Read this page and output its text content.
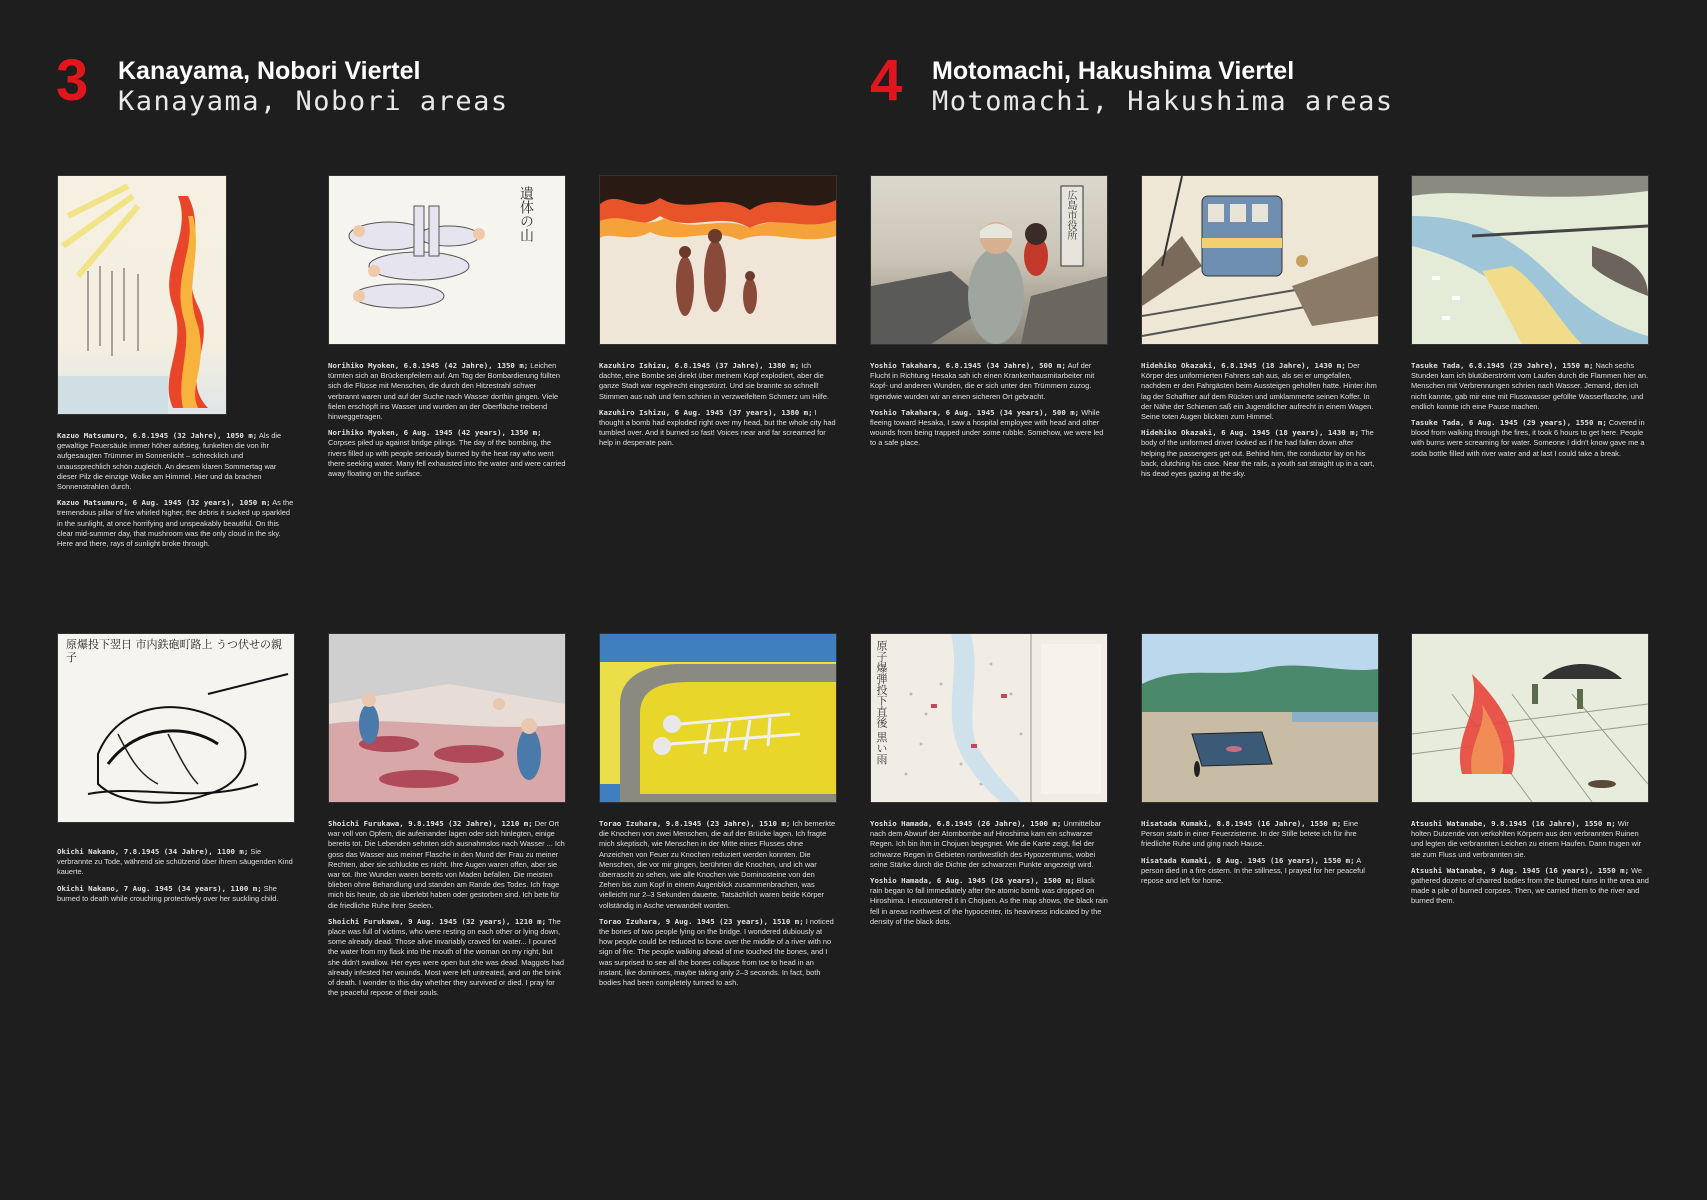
3	Kanayama, Nobori Viertel
Kanayama, Nobori areas	4	Motomachi, Hakushima Viertel
Motomachi, Hakushima areas

Kazuo Matsumuro, 6.8.1945 (32 Jahre), 1050 m; Als die gewaltige Feuersäule immer höher aufstieg, funkelten die von ihr aufgesaugten Trümmer im Sonnenlicht – schrecklich und unaussprechlich schön zugleich. An diesem klaren Sommertag war dieser Pilz die einzige Wolke am Himmel. Hier und da brachen Sonnenstrahlen durch.

Kazuo Matsumuro, 6 Aug. 1945 (32 years), 1050 m; As the tremendous pillar of fire whirled higher, the debris it sucked up sparkled in the sunlight, at once horrifying and unspeakably beautiful. On this clear mid-summer day, that mushroom was the only cloud in the sky. Here and there, rays of sunlight broke through.

遺体の山

Norihiko Myoken, 6.8.1945 (42 Jahre), 1350 m; Leichen türmten sich an Brückenpfeilern auf. Am Tag der Bombardierung füllten sich die Flüsse mit Menschen, die durch den Hitzestrahl schwer verbrannt waren und auf der Suche nach Wasser dorthin gingen. Viele fielen erschöpft ins Wasser und wurden an der Oberfläche treibend hinweggetragen.

Norihiko Myoken, 6 Aug. 1945 (42 years), 1350 m; Corpses piled up against bridge pilings. The day of the bombing, the rivers filled up with people seriously burned by the heat ray who went there seeking water. Many fell exhausted into the water and were carried away floating on the surface.

Kazuhiro Ishizu, 6.8.1945 (37 Jahre), 1380 m; Ich dachte, eine Bombe sei direkt über meinem Kopf explodiert, aber die ganze Stadt war regelrecht eingestürzt. Und sie brannte so schnell! Stimmen aus nah und fern schrien in verzweifeltem Schmerz um Hilfe.

Kazuhiro Ishizu, 6 Aug. 1945 (37 years), 1380 m; I thought a bomb had exploded right over my head, but the whole city had tumbled over. And it burned so fast! Voices near and far screamed for help in desperate pain.

広島市役所

Yoshio Takahara, 6.8.1945 (34 Jahre), 500 m; Auf der Flucht in Richtung Hesaka sah ich einen Krankenhausmitarbeiter mit Kopf- und anderen Wunden, die er sich unter den Trümmern zuzog. Irgendwie wurden wir an einen sicheren Ort gebracht.

Yoshio Takahara, 6 Aug. 1945 (34 years), 500 m; While fleeing toward Hesaka, I saw a hospital employee with head and other wounds from being trapped under some rubble. Somehow, we were led to a safe place.

Hidehiko Okazaki, 6.8.1945 (18 Jahre), 1430 m; Der Körper des uniformierten Fahrers sah aus, als sei er umgefallen, nachdem er den Fahrgästen beim Aussteigen geholfen hatte. Hinter ihm lag der Schaffner auf dem Rücken und umklammerte seinen Koffer. In der Nähe der Schienen saß ein Jugendlicher aufrecht in einem Wagen. Seine toten Augen blickten zum Himmel.

Hidehiko Okazaki, 6 Aug. 1945 (18 years), 1430 m; The body of the uniformed driver looked as if he had fallen down after helping the passengers get out. Behind him, the conductor lay on his back, clutching his case. Near the rails, a youth sat straight up in a cart, his dead eyes gazing at the sky.

Tasuke Tada, 6.8.1945 (29 Jahre), 1550 m; Nach sechs Stunden kam ich blutüberströmt vom Laufen durch die Flammen hier an. Menschen mit Verbrennungen schrien nach Wasser. Jemand, den ich nicht kannte, gab mir eine mit Flusswasser gefüllte Wasserflasche, und endlich konnte ich eine Pause machen.

Tasuke Tada, 6 Aug. 1945 (29 years), 1550 m; Covered in blood from walking through the fires, it took 6 hours to get here. People with burns were screaming for water. Someone I didn't know gave me a soda bottle filled with river water and at last I could take a break.

原爆投下翌日 市内鉄砲町路上 うつ伏せの親子

Okichi Nakano, 7.8.1945 (34 Jahre), 1100 m; Sie verbrannte zu Tode, während sie schützend über ihrem säugenden Kind kauerte.

Okichi Nakano, 7 Aug. 1945 (34 years), 1100 m; She burned to death while crouching protectively over her suckling child.

Shoichi Furukawa, 9.8.1945 (32 Jahre), 1210 m; Der Ort war voll von Opfern, die aufeinander lagen oder sich hinlegten, einige bereits tot. Die Lebenden sehnten sich ausnahmslos nach Wasser ... Ich goss das Wasser aus meiner Flasche in den Mund der Frau zu meiner Rechten, aber sie schluckte es nicht. Ihre Augen waren offen, aber sie war tot. Ihre Wunden waren bereits von Maden befallen. Die meisten blieben ohne Behandlung und standen am Rande des Todes. Ich frage mich bis heute, ob sie überlebt haben oder gestorben sind. Ich bete für die friedliche Ruhe ihrer Seelen.

Shoichi Furukawa, 9 Aug. 1945 (32 years), 1210 m; The place was full of victims, who were resting on each other or lying down, some already dead. Those alive invariably craved for water... I poured the water from my flask into the mouth of the woman on my right, but she didn't swallow. Her eyes were open but she was dead. Maggots had already infested her wounds. Most were left untreated, and on the brink of death. I wonder to this day whether they survived or died. I pray for the peaceful repose of their souls.

Torao Izuhara, 9.8.1945 (23 Jahre), 1510 m; Ich bemerkte die Knochen von zwei Menschen, die auf der Brücke lagen. Ich fragte mich skeptisch, wie Menschen in der Mitte eines Flusses ohne Anzeichen von Feuer zu Knochen reduziert werden konnten. Die Menschen, die vor mir gingen, berührten die Knochen, und ich war überrascht zu sehen, wie alle Knochen wie Dominosteine von den Zehen bis zum Kopf in einem Augenblick zusammenbrachen, was vielleicht nur 2–3 Sekunden dauerte. Tatsächlich waren beide Körper vollständig in Asche verwandelt worden.

Torao Izuhara, 9 Aug. 1945 (23 years), 1510 m; I noticed the bones of two people lying on the bridge. I wondered dubiously at how people could be reduced to bone over the middle of a river with no sign of fire. The people walking ahead of me touched the bones, and I was surprised to see all the bones collapse from toe to head in an instant, like dominoes, maybe taking only 2–3 seconds. In fact, both bodies had been completely turned to ash.

原子爆弾投下直後 黒い雨

Yoshio Hamada, 6.8.1945 (26 Jahre), 1500 m; Unmittelbar nach dem Abwurf der Atombombe auf Hiroshima kam ein schwarzer Regen. Ich bin ihm in Chojuen begegnet. Wie die Karte zeigt, fiel der schwarze Regen in Gebieten nordwestlich des Hypozentrums, wobei seine Stärke durch die Dichte der schwarzen Punkte angezeigt wird.

Yoshio Hamada, 6 Aug. 1945 (26 years), 1500 m; Black rain began to fall immediately after the atomic bomb was dropped on Hiroshima. I encountered it in Chojuen. As the map shows, the black rain fell in areas northwest of the hypocenter, its heaviness indicated by the density of the black dots.

Hisatada Kumaki, 8.8.1945 (16 Jahre), 1550 m; Eine Person starb in einer Feuerzisterne. In der Stille betete ich für ihre friedliche Ruhe und ging nach Hause.

Hisatada Kumaki, 8 Aug. 1945 (16 years), 1550 m; A person died in a fire cistern. In the stillness, I prayed for her peaceful repose and left for home.

Atsushi Watanabe, 9.8.1945 (16 Jahre), 1550 m; Wir holten Dutzende von verkohlten Körpern aus den verbrannten Ruinen und legten die verbrannten Leichen zu einem Haufen. Dann trugen wir sie zum Fluss und verbrannten sie.

Atsushi Watanabe, 9 Aug. 1945 (16 years), 1550 m; We gathered dozens of charred bodies from the burned ruins in the area and made a pile of burned corpses. Then, we carried them to the river and burned them.
